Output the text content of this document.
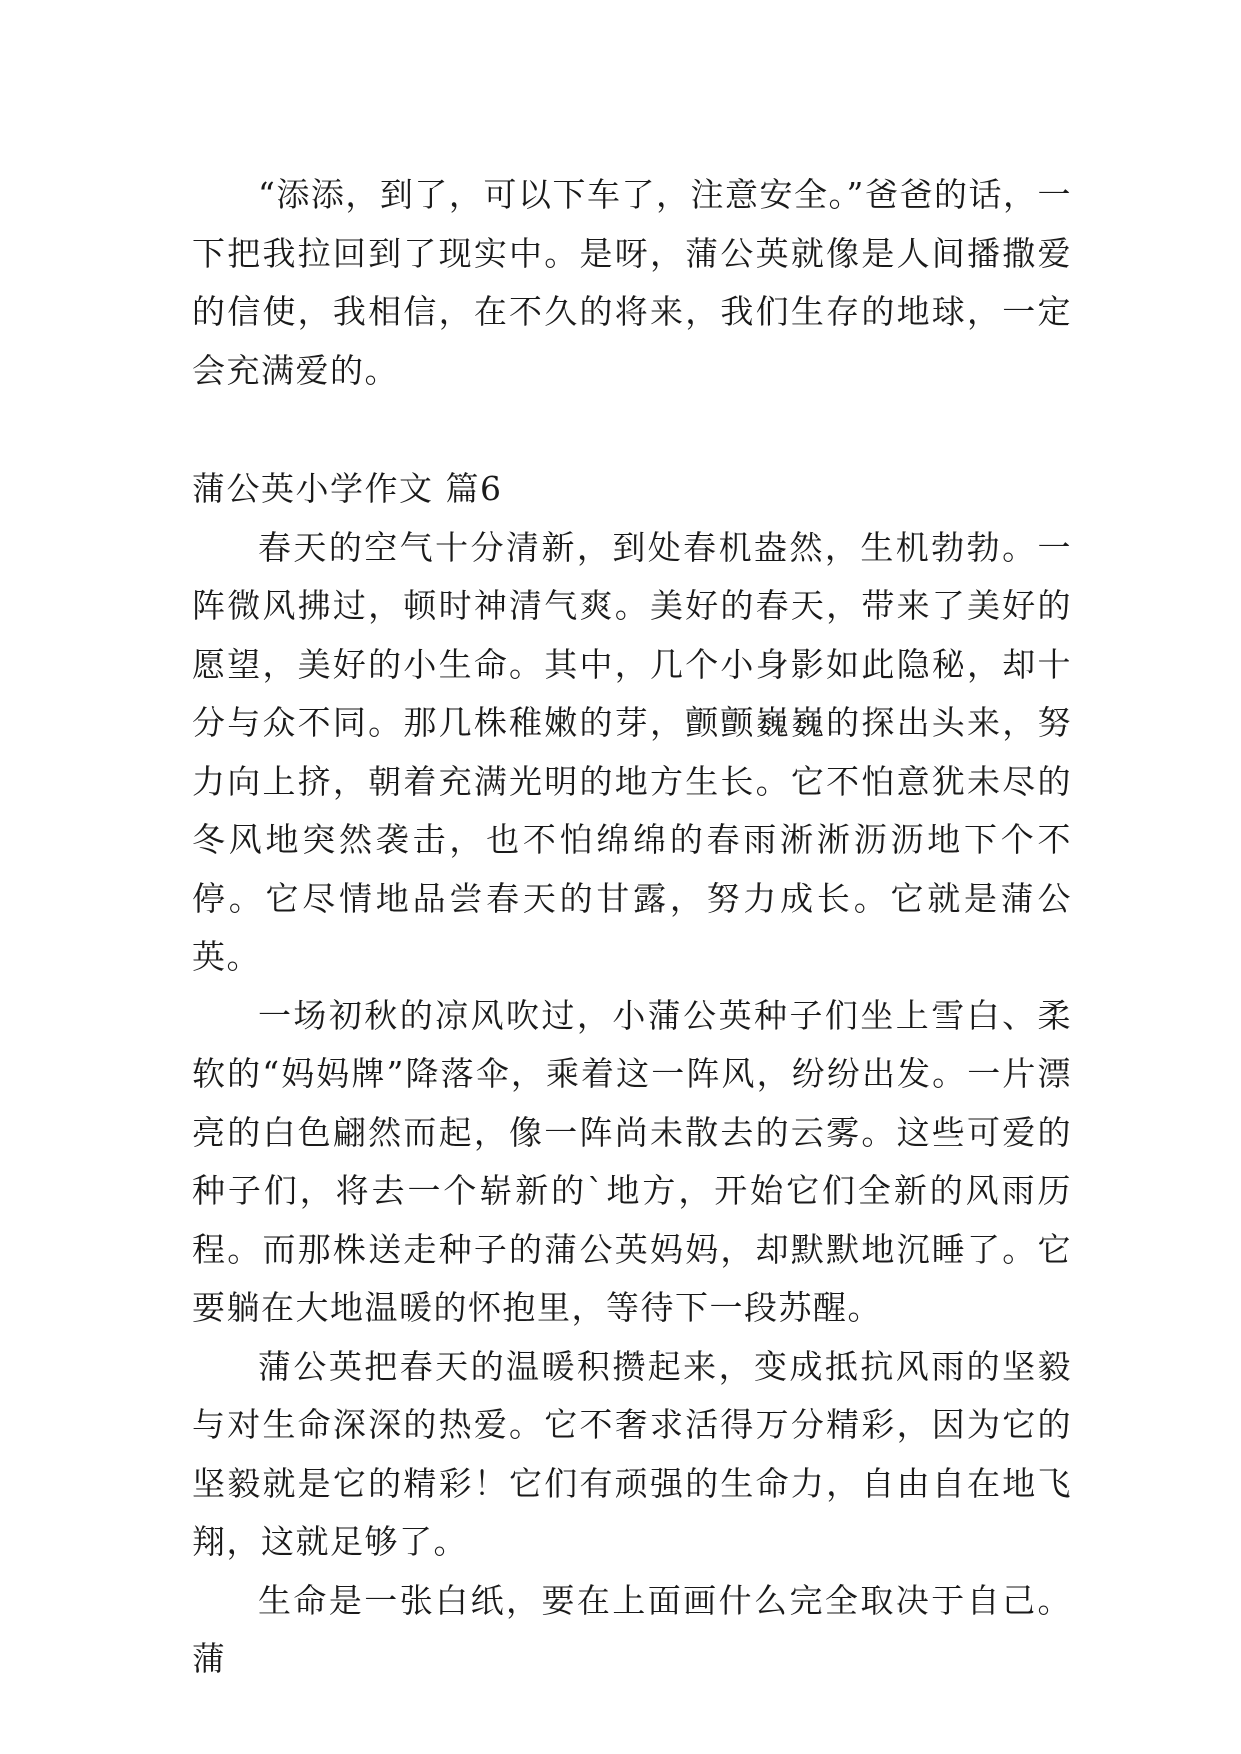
“添添，到了，可以下车了，注意安全。”爸爸的话，一下把我拉回到了现实中。是呀，蒲公英就像是人间播撒爱的信使，我相信，在不久的将来，我们生存的地球，一定会充满爱的。

蒲公英小学作文 篇6

春天的空气十分清新，到处春机盎然，生机勃勃。一阵微风拂过，顿时神清气爽。美好的春天，带来了美好的愿望，美好的小生命。其中，几个小身影如此隐秘，却十分与众不同。那几株稚嫩的芽，颤颤巍巍的探出头来，努力向上挤，朝着充满光明的地方生长。它不怕意犹未尽的冬风地突然袭击，也不怕绵绵的春雨淅淅沥沥地下个不停。它尽情地品尝春天的甘露，努力成长。它就是蒲公英。

一场初秋的凉风吹过，小蒲公英种子们坐上雪白、柔软的“妈妈牌”降落伞，乘着这一阵风，纷纷出发。一片漂亮的白色翩然而起，像一阵尚未散去的云雾。这些可爱的种子们，将去一个崭新的`地方，开始它们全新的风雨历程。而那株送走种子的蒲公英妈妈，却默默地沉睡了。它要躺在大地温暖的怀抱里，等待下一段苏醒。

蒲公英把春天的温暖积攒起来，变成抵抗风雨的坚毅与对生命深深的热爱。它不奢求活得万分精彩，因为它的坚毅就是它的精彩！它们有顽强的生命力，自由自在地飞翔，这就足够了。

生命是一张白纸，要在上面画什么完全取决于自己。蒲
